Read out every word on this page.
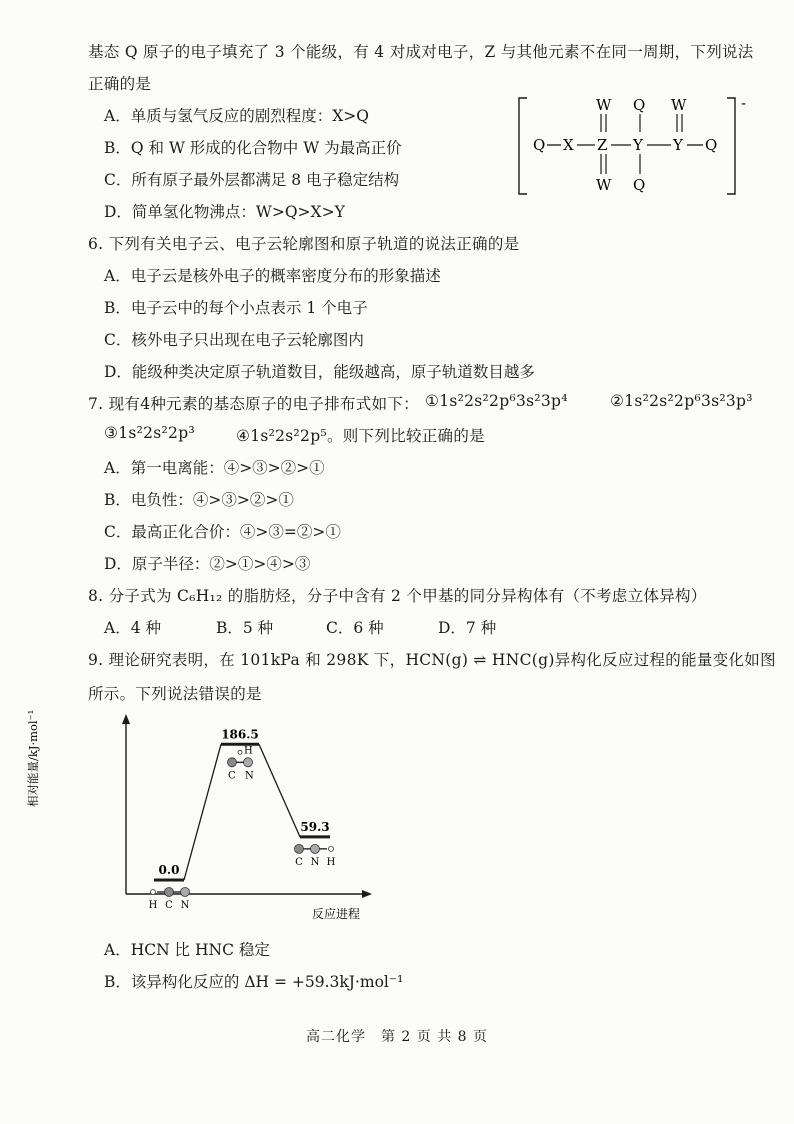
基态 Q 原子的电子填充了 3 个能级，有 4 对成对电子，Z 与其他元素不在同一周期，下列说法
正确的是
A．单质与氢气反应的剧烈程度：X>Q
B．Q 和 W 形成的化合物中 W 为最高正价
C．所有原子最外层都满足 8 电子稳定结构
D．简单氢化物沸点：W>Q>X>Y
-
Q X Z Y Y Q
W
W
Q
Q
W
6. 下列有关电子云、电子云轮廓图和原子轨道的说法正确的是
A．电子云是核外电子的概率密度分布的形象描述
B．电子云中的每个小点表示 1 个电子
C．核外电子只出现在电子云轮廓图内
D．能级种类决定原子轨道数目，能级越高，原子轨道数目越多
7. 现有4种元素的基态原子的电子排布式如下： ①1s²2s²2p⁶3s²3p⁴	②1s²2s²2p⁶3s²3p³
③1s²2s²2p³	④1s²2s²2p⁵。则下列比较正确的是
A．第一电离能：④>③>②>①
B．电负性：④>③>②>①
C．最高正化合价：④>③=②>①
D．原子半径：②>①>④>③
8. 分子式为 C₆H₁₂ 的脂肪烃，分子中含有 2 个甲基的同分异构体有（不考虑立体异构）
A．4 种	B．5 种	C．6 种	D．7 种
9. 理论研究表明，在 101kPa 和 298K 下，HCN(g) ⇌ HNC(g)异构化反应过程的能量变化如图
所示。下列说法错误的是
相对能量/kJ·mol⁻¹
反应进程
0.0
H C N
186.5
H
C N
59.3
C N H
A．HCN 比 HNC 稳定
B．该异构化反应的 ΔH = +59.3kJ·mol⁻¹
高二化学　第 2 页 共 8 页
